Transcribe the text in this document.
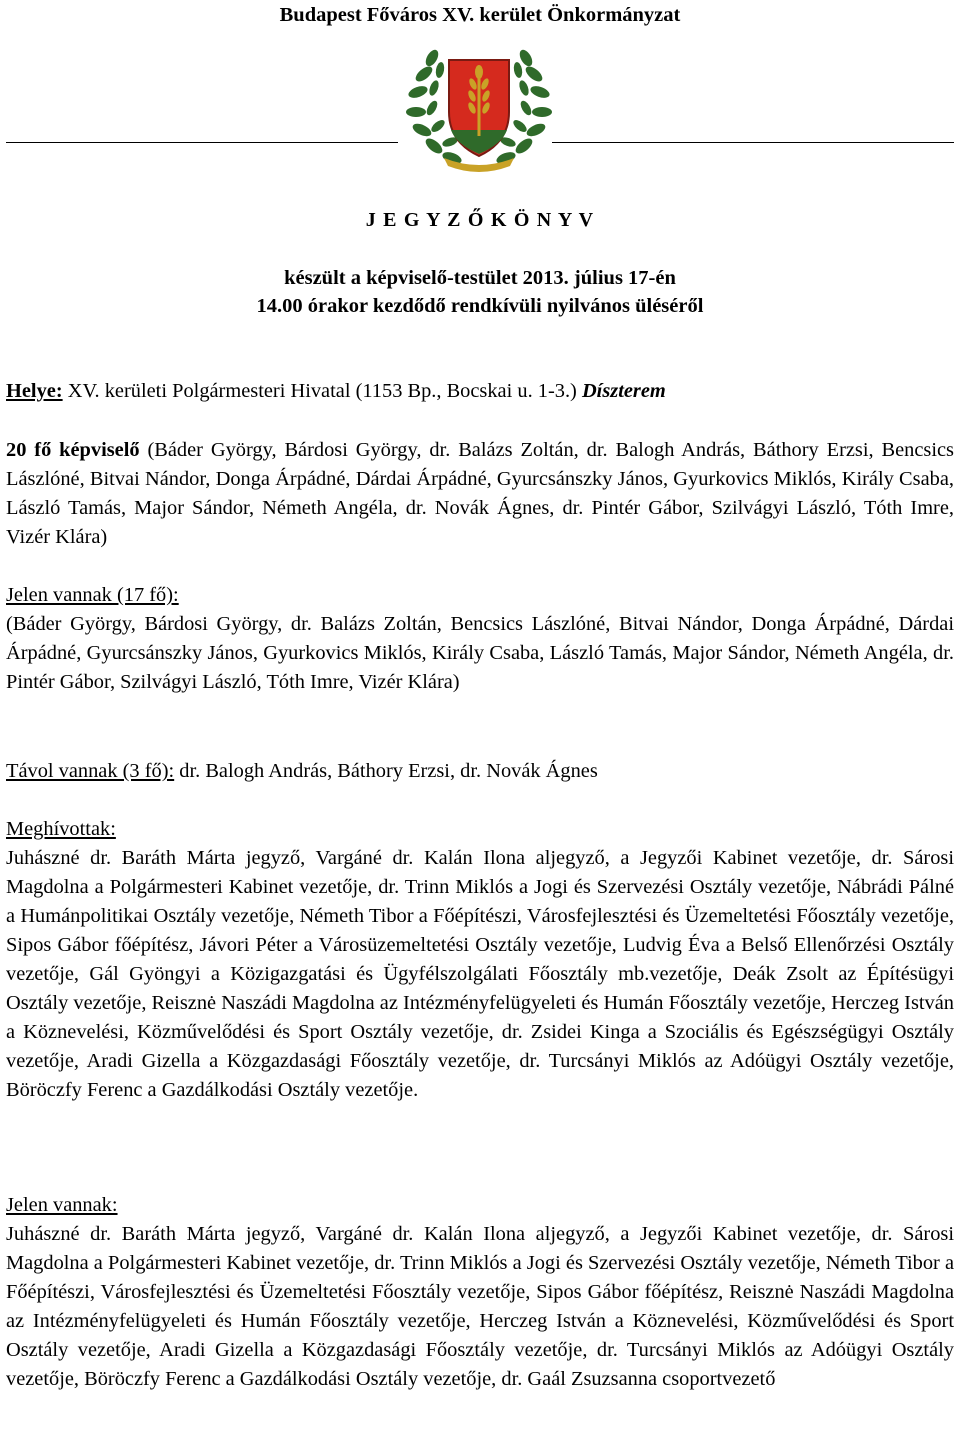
Budapest Főváros XV. kerület Önkormányzat
J E G Y Z Ő K Ö N Y V
készült a képviselő-testület 2013. július 17-én
14.00 órakor kezdődő rendkívüli nyilvános üléséről
Helye: XV. kerületi Polgármesteri Hivatal (1153 Bp., Bocskai u. 1-3.) Díszterem
20 fő képviselő (Báder György, Bárdosi György, dr. Balázs Zoltán, dr. Balogh András, Báthory Erzsi, Bencsics Lászlóné, Bitvai Nándor, Donga Árpádné, Dárdai Árpádné, Gyurcsánszky János, Gyurkovics Miklós, Király Csaba, László Tamás, Major Sándor, Németh Angéla, dr. Novák Ágnes, dr. Pintér Gábor, Szilvágyi László, Tóth Imre, Vizér Klára)
Jelen vannak (17 fő):
(Báder György, Bárdosi György, dr. Balázs Zoltán, Bencsics Lászlóné, Bitvai Nándor, Donga Árpádné, Dárdai Árpádné, Gyurcsánszky János, Gyurkovics Miklós, Király Csaba, László Tamás, Major Sándor, Németh Angéla, dr. Pintér Gábor, Szilvágyi László, Tóth Imre, Vizér Klára)
Távol vannak (3 fő): dr. Balogh András, Báthory Erzsi, dr. Novák Ágnes
Meghívottak:
Juhászné dr. Baráth Márta jegyző, Vargáné dr. Kalán Ilona aljegyző, a Jegyzői Kabinet vezetője, dr. Sárosi Magdolna a Polgármesteri Kabinet vezetője, dr. Trinn Miklós a Jogi és Szervezési Osztály vezetője, Nábrádi Pálné a Humánpolitikai Osztály vezetője, Németh Tibor a Főépítészi, Városfejlesztési és Üzemeltetési Főosztály vezetője, Sipos Gábor főépítész, Jávori Péter a Városüzemeltetési Osztály vezetője, Ludvig Éva a Belső Ellenőrzési Osztály vezetője, Gál Gyöngyi a Közigazgatási és Ügyfélszolgálati Főosztály mb.vezetője, Deák Zsolt az Építésügyi Osztály vezetője, Reisznė Naszádi Magdolna az Intézményfelügyeleti és Humán Főosztály vezetője, Herczeg István a Köznevelési, Közművelődési és Sport Osztály vezetője, dr. Zsidei Kinga a Szociális és Egészségügyi Osztály vezetője, Aradi Gizella a Közgazdasági Főosztály vezetője, dr. Turcsányi Miklós az Adóügyi Osztály vezetője, Böröczfy Ferenc a Gazdálkodási Osztály vezetője.
Jelen vannak:
Juhászné dr. Baráth Márta jegyző, Vargáné dr. Kalán Ilona aljegyző, a Jegyzői Kabinet vezetője, dr. Sárosi Magdolna a Polgármesteri Kabinet vezetője, dr. Trinn Miklós a Jogi és Szervezési Osztály vezetője, Németh Tibor a Főépítészi, Városfejlesztési és Üzemeltetési Főosztály vezetője, Sipos Gábor főépítész, Reisznė Naszádi Magdolna az Intézményfelügyeleti és Humán Főosztály vezetője, Herczeg István a Köznevelési, Közművelődési és Sport Osztály vezetője, Aradi Gizella a Közgazdasági Főosztály vezetője, dr. Turcsányi Miklós az Adóügyi Osztály vezetője, Böröczfy Ferenc a Gazdálkodási Osztály vezetője, dr. Gaál Zsuzsanna csoportvezető
